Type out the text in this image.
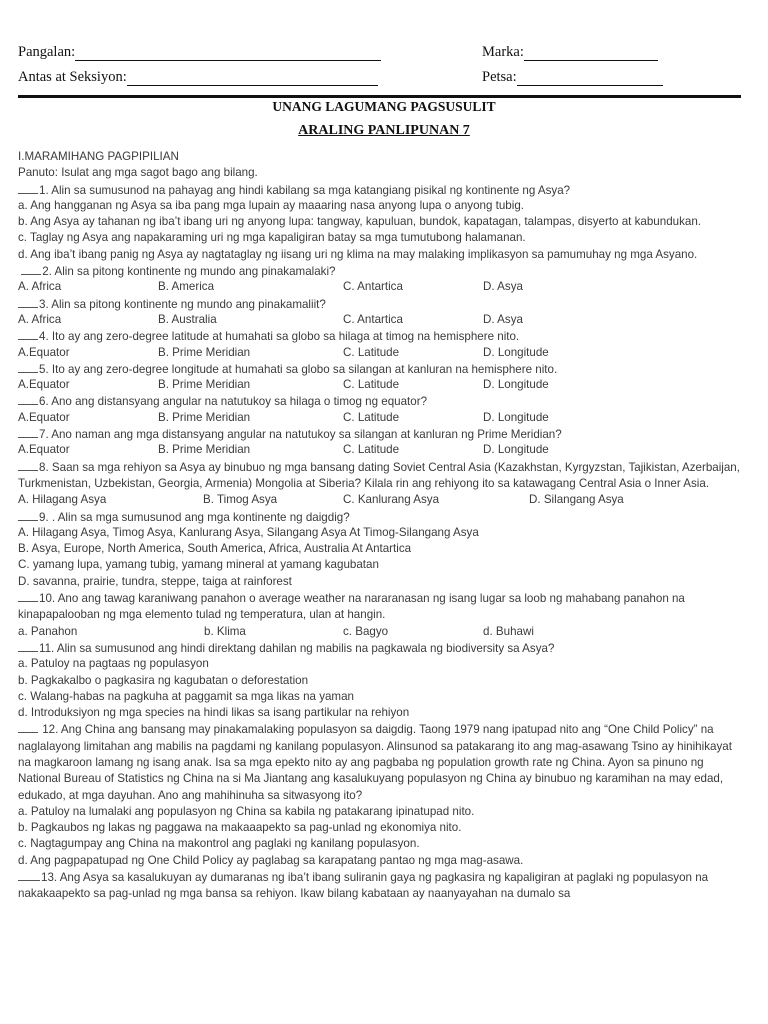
Pangalan:	Marka:
Antas at Seksiyon:	Petsa:
UNANG LAGUMANG PAGSUSULIT
ARALING PANLIPUNAN 7
I.MARAMIHANG PAGPIPILIAN
Panuto: Isulat ang mga sagot bago ang bilang.
1. Alin sa sumusunod na pahayag ang hindi kabilang sa mga katangiang pisikal ng kontinente ng Asya?
a. Ang hangganan ng Asya sa iba pang mga lupain ay maaaring nasa anyong lupa o anyong tubig.
b. Ang Asya ay tahanan ng iba’t ibang uri ng anyong lupa: tangway, kapuluan, bundok, kapatagan, talampas, disyerto at kabundukan.
c. Taglay ng Asya ang napakaraming uri ng mga kapaligiran batay sa mga tumutubong halamanan.
d. Ang iba’t ibang panig ng Asya ay nagtataglay ng iisang uri ng klima na may malaking implikasyon sa pamumuhay ng mga Asyano.
2. Alin sa pitong kontinente ng mundo ang pinakamalaki?
A. Africa	B. America	C. Antartica	D. Asya
3. Alin sa pitong kontinente ng mundo ang pinakamaliit?
A. Africa	B. Australia	C. Antartica	D. Asya
4. Ito ay ang zero-degree latitude at humahati sa globo sa hilaga at timog na hemisphere nito.
A.Equator	B. Prime Meridian	C. Latitude	D. Longitude
5. Ito ay ang zero-degree longitude at humahati sa globo sa silangan at kanluran na hemisphere nito.
A.Equator	B. Prime Meridian	C. Latitude	D. Longitude
6. Ano ang distansyang angular na natutukoy sa hilaga o timog ng equator?
A.Equator	B. Prime Meridian	C. Latitude	D. Longitude
7. Ano naman ang mga distansyang angular na natutukoy sa silangan at kanluran ng Prime Meridian?
A.Equator	B. Prime Meridian	C. Latitude	D. Longitude
8. Saan sa mga rehiyon sa Asya ay binubuo ng mga bansang dating Soviet Central Asia (Kazakhstan, Kyrgyzstan, Tajikistan, Azerbaijan, Turkmenistan, Uzbekistan, Georgia, Armenia) Mongolia at Siberia? Kilala rin ang rehiyong ito sa katawagang Central Asia o Inner Asia.
A. Hilagang Asya	B. Timog Asya	C. Kanlurang Asya	D. Silangang Asya
9. . Alin sa mga sumusunod ang mga kontinente ng daigdig?
A. Hilagang Asya, Timog Asya, Kanlurang Asya, Silangang Asya At Timog-Silangang Asya
B. Asya, Europe, North America, South America, Africa, Australia At Antartica
C. yamang lupa, yamang tubig, yamang mineral at yamang kagubatan
D. savanna, prairie, tundra, steppe, taiga at rainforest
10. Ano ang tawag karaniwang panahon o average weather na nararanasan ng isang lugar sa loob ng mahabang panahon na kinapapalooban ng mga elemento tulad ng temperatura, ulan at hangin.
a. Panahon	b. Klima	c. Bagyo	d. Buhawi
11. Alin sa sumusunod ang hindi direktang dahilan ng mabilis na pagkawala ng biodiversity sa Asya?
a. Patuloy na pagtaas ng populasyon
b. Pagkakalbo o pagkasira ng kagubatan o deforestation
c. Walang-habas na pagkuha at paggamit sa mga likas na yaman
d. Introduksiyon ng mga species na hindi likas sa isang partikular na rehiyon
12. Ang China ang bansang may pinakamalaking populasyon sa daigdig. Taong 1979 nang ipatupad nito ang “One Child Policy” na naglalayong limitahan ang mabilis na pagdami ng kanilang populasyon. Alinsunod sa patakarang ito ang mag-asawang Tsino ay hinihikayat na magkaroon lamang ng isang anak. Isa sa mga epekto nito ay ang pagbaba ng population growth rate ng China. Ayon sa pinuno ng National Bureau of Statistics ng China na si Ma Jiantang ang kasalukuyang populasyon ng China ay binubuo ng karamihan na may edad, edukado, at mga dayuhan. Ano ang mahihinuha sa sitwasyong ito?
a. Patuloy na lumalaki ang populasyon ng China sa kabila ng patakarang ipinatupad nito.
b. Pagkaubos ng lakas ng paggawa na makaaapekto sa pag-unlad ng ekonomiya nito.
c. Nagtagumpay ang China na makontrol ang paglaki ng kanilang populasyon.
d. Ang pagpapatupad ng One Child Policy ay paglabag sa karapatang pantao ng mga mag-asawa.
13. Ang Asya sa kasalukuyan ay dumaranas ng iba’t ibang suliranin gaya ng pagkasira ng kapaligiran at paglaki ng populasyon na nakakaapekto sa pag-unlad ng mga bansa sa rehiyon. Ikaw bilang kabataan ay naanyayahan na dumalo sa
